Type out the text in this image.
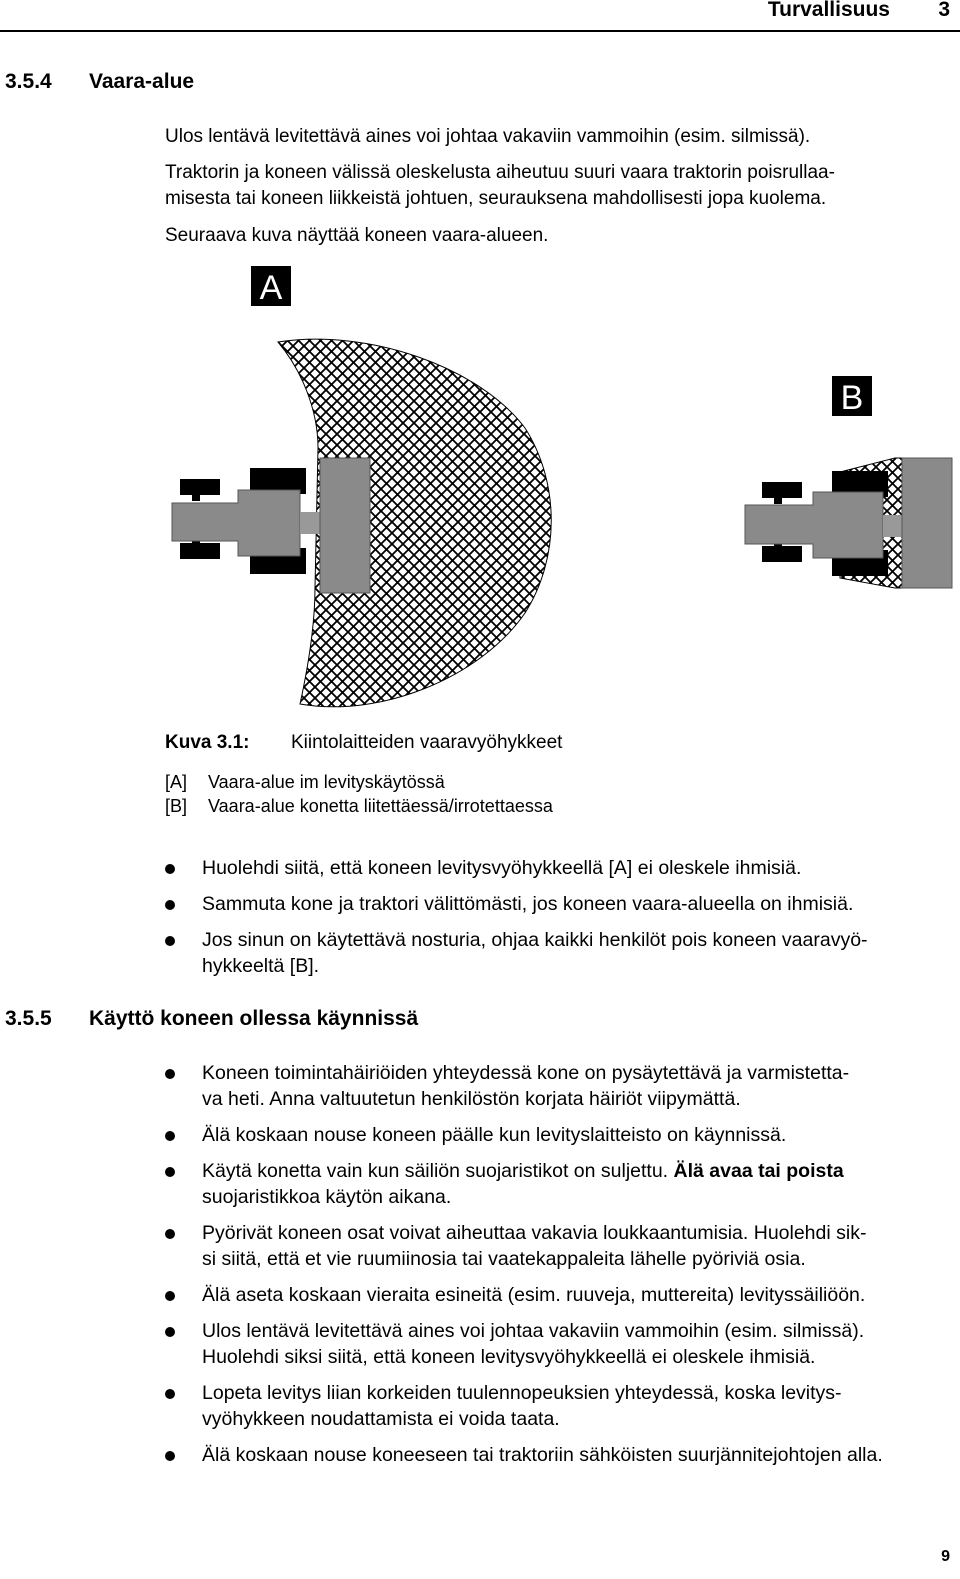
Turvallisuus 3
3.5.4 Vaara-alue
Ulos lentävä levitettävä aines voi johtaa vakaviin vammoihin (esim. silmissä).
Traktorin ja koneen välissä oleskelusta aiheutuu suuri vaara traktorin poisrullaa-
misesta tai koneen liikkeistä johtuen, seurauksena mahdollisesti jopa kuolema.
Seuraava kuva näyttää koneen vaara-alueen.
A
B
Kuva 3.1: Kiintolaitteiden vaaravyöhykkeet
[A] Vaara-alue im levityskäytössä
[B] Vaara-alue konetta liitettäessä/irrotettaessa
Huolehdi siitä, että koneen levitysvyöhykkeellä [A] ei oleskele ihmisiä.
Sammuta kone ja traktori välittömästi, jos koneen vaara-alueella on ihmisiä.
Jos sinun on käytettävä nosturia, ohjaa kaikki henkilöt pois koneen vaaravyö-
hykkeeltä [B].
3.5.5 Käyttö koneen ollessa käynnissä
Koneen toimintahäiriöiden yhteydessä kone on pysäytettävä ja varmistetta-
va heti. Anna valtuutetun henkilöstön korjata häiriöt viipymättä.
Älä koskaan nouse koneen päälle kun levityslaitteisto on käynnissä.
Käytä konetta vain kun säiliön suojaristikot on suljettu. Älä avaa tai poista
suojaristikkoa käytön aikana.
Pyörivät koneen osat voivat aiheuttaa vakavia loukkaantumisia. Huolehdi sik-
si siitä, että et vie ruumiinosia tai vaatekappaleita lähelle pyöriviä osia.
Älä aseta koskaan vieraita esineitä (esim. ruuveja, muttereita) levityssäiliöön.
Ulos lentävä levitettävä aines voi johtaa vakaviin vammoihin (esim. silmissä).
Huolehdi siksi siitä, että koneen levitysvyöhykkeellä ei oleskele ihmisiä.
Lopeta levitys liian korkeiden tuulennopeuksien yhteydessä, koska levitys-
vyöhykkeen noudattamista ei voida taata.
Älä koskaan nouse koneeseen tai traktoriin sähköisten suurjännitejohtojen alla.
9
